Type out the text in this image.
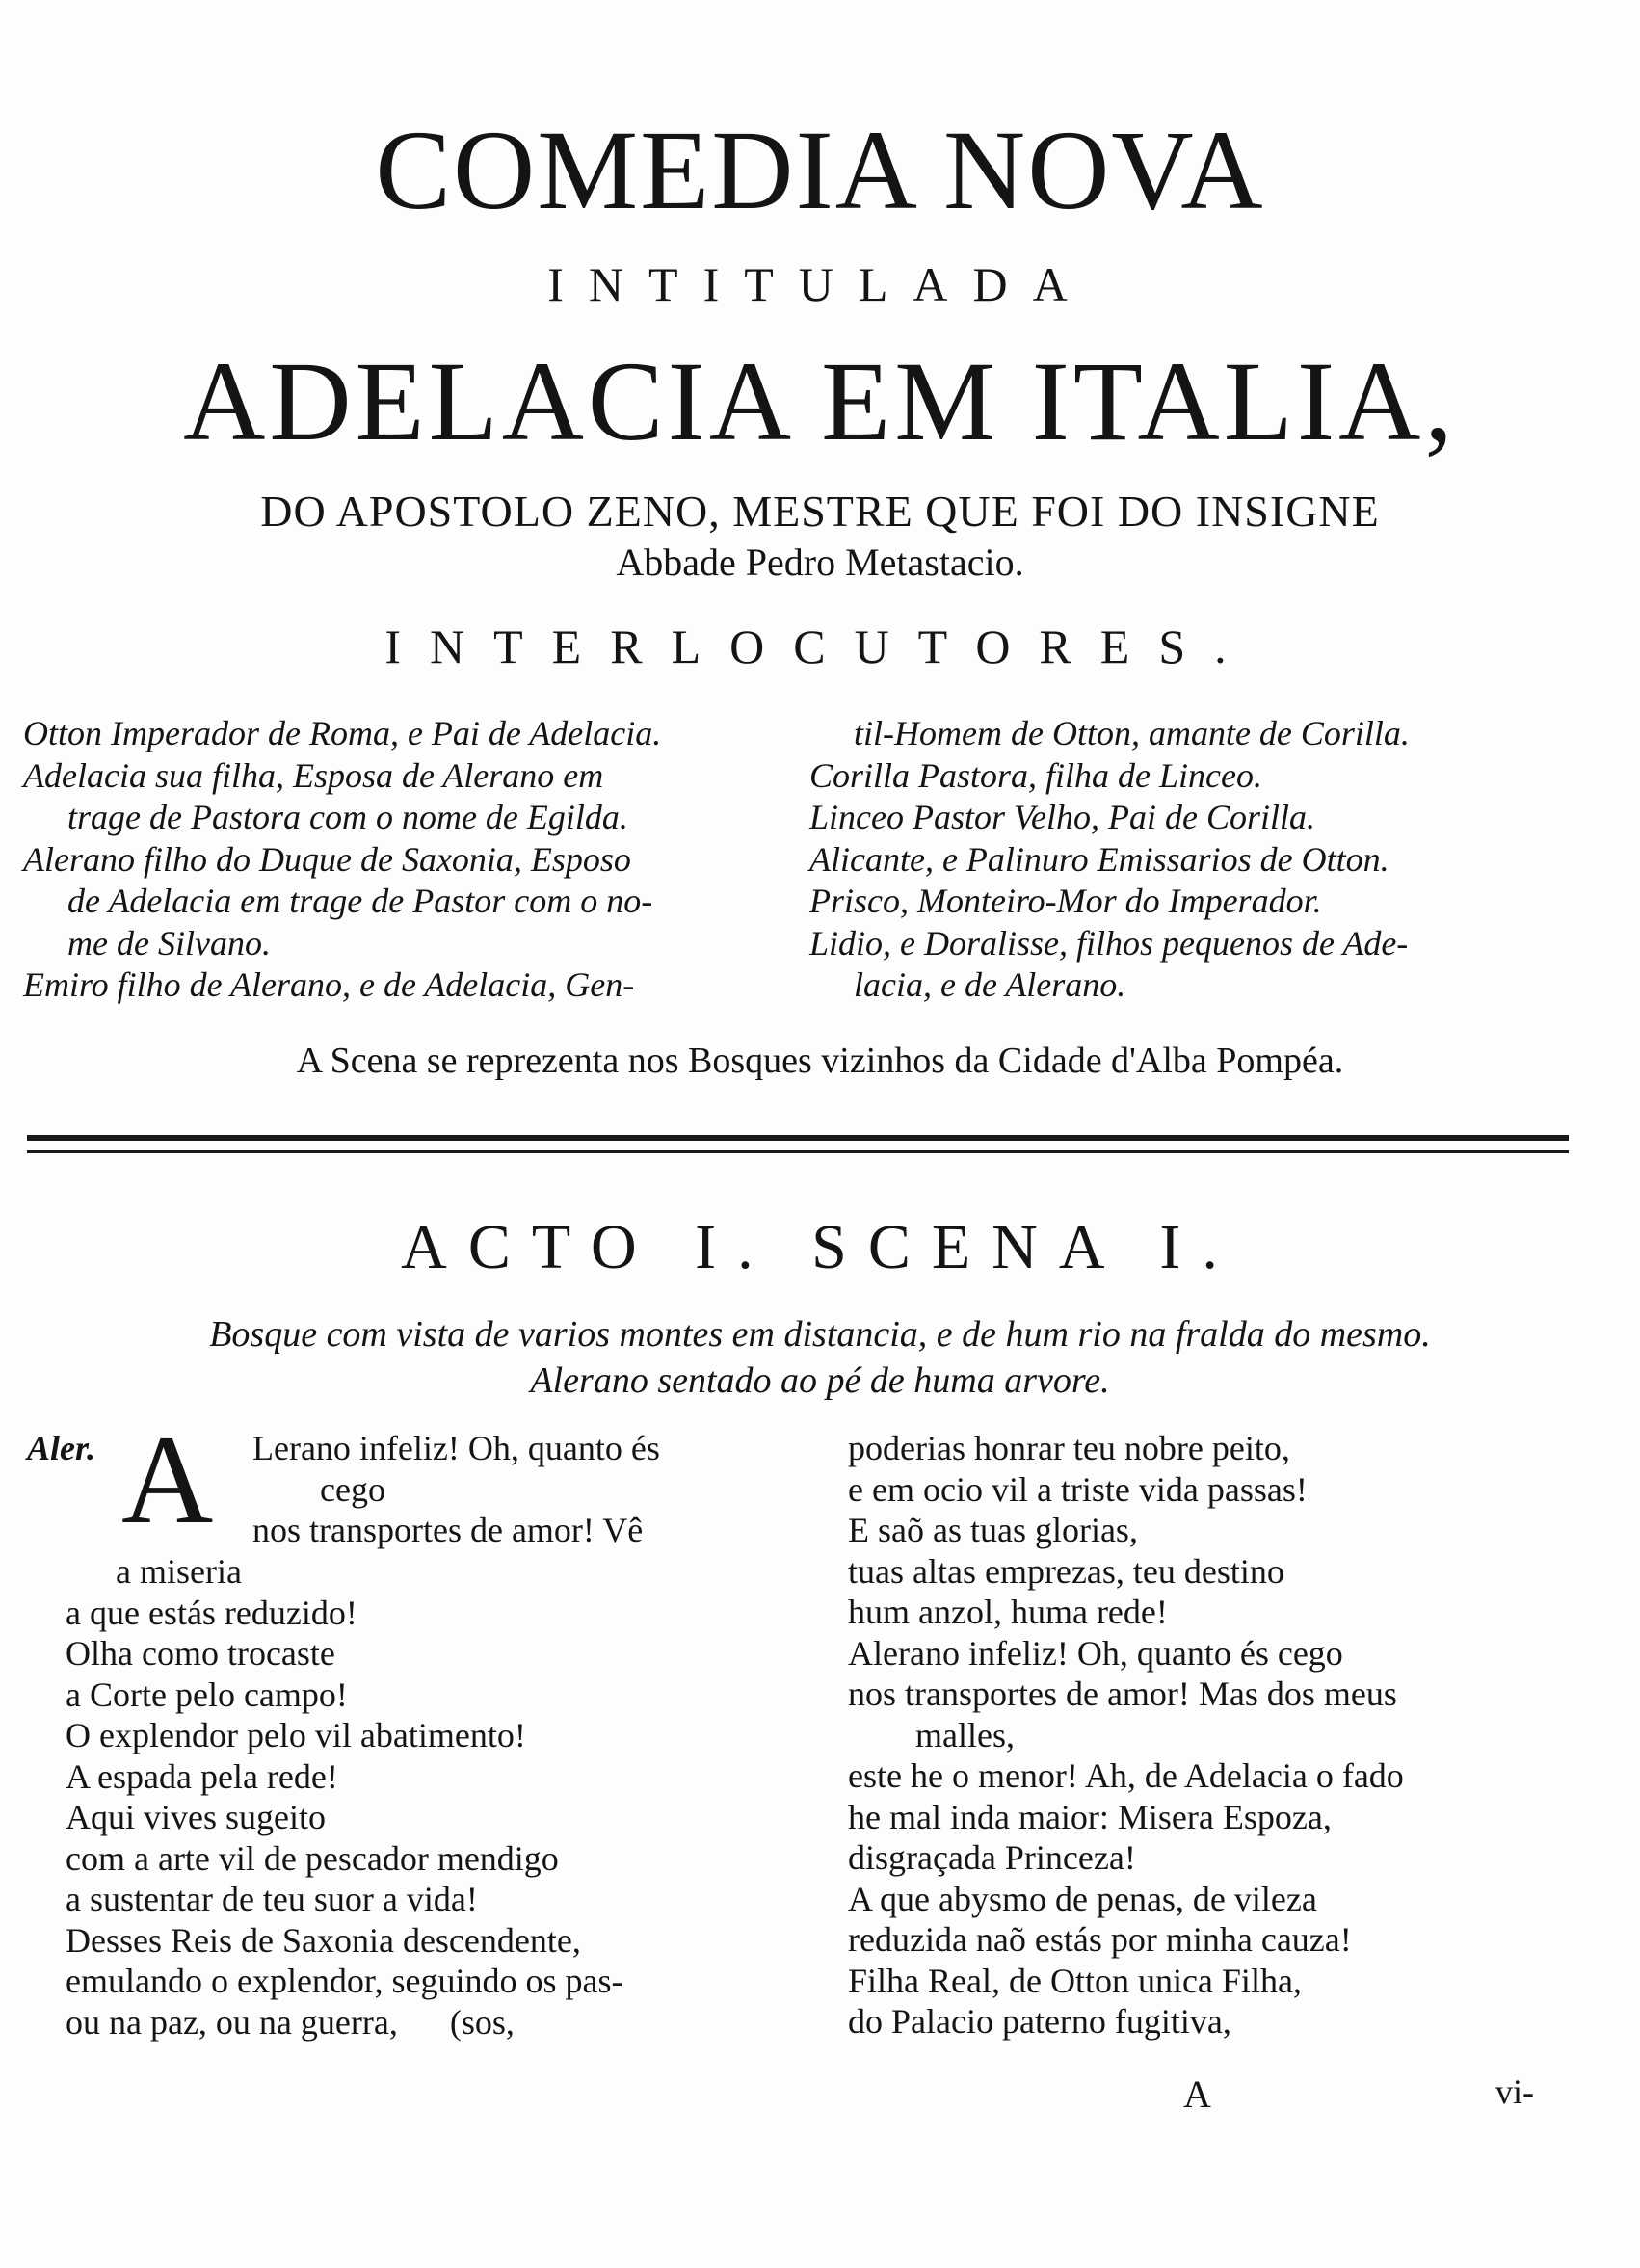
COMEDIA NOVA
INTITULADA
ADELACIA EM ITALIA,
DO APOSTOLO ZENO, MESTRE QUE FOI DO INSIGNE
Abbade Pedro Metastacio.
INTERLOCUTORES.
Otton Imperador de Roma, e Pai de Adelacia.
Adelacia sua filha, Esposa de Alerano em
trage de Pastora com o nome de Egilda.
Alerano filho do Duque de Saxonia, Esposo
de Adelacia em trage de Pastor com o no-
me de Silvano.
Emiro filho de Alerano, e de Adelacia, Gen-
til-Homem de Otton, amante de Corilla.
Corilla Pastora, filha de Linceo.
Linceo Pastor Velho, Pai de Corilla.
Alicante, e Palinuro Emissarios de Otton.
Prisco, Monteiro-Mor do Imperador.
Lidio, e Doralisse, filhos pequenos de Ade-
lacia, e de Alerano.
A Scena se reprezenta nos Bosques vizinhos da Cidade d'Alba Pompéa.
ACTO I. SCENA I.
Bosque com vista de varios montes em distancia, e de hum rio na fralda do mesmo.
Alerano sentado ao pé de huma arvore.
Aler. A Lerano infeliz! Oh, quanto és
cego
nos transportes de amor! Vê
a miseria
a que estás reduzido!
Olha como trocaste
a Corte pelo campo!
O explendor pelo vil abatimento!
A espada pela rede!
Aqui vives sugeito
com a arte vil de pescador mendigo
a sustentar de teu suor a vida!
Desses Reis de Saxonia descendente,
emulando o explendor, seguindo os pas-
ou na paz, ou na guerra,      (sos,
poderias honrar teu nobre peito,
e em ocio vil a triste vida passas!
E saõ as tuas glorias,
tuas altas emprezas, teu destino
hum anzol, huma rede!
Alerano infeliz! Oh, quanto és cego
nos transportes de amor! Mas dos meus
malles,
este he o menor! Ah, de Adelacia o fado
he mal inda maior: Misera Espoza,
disgraçada Princeza!
A que abysmo de penas, de vileza
reduzida naõ estás por minha cauza!
Filha Real, de Otton unica Filha,
do Palacio paterno fugitiva,
A	vi-
